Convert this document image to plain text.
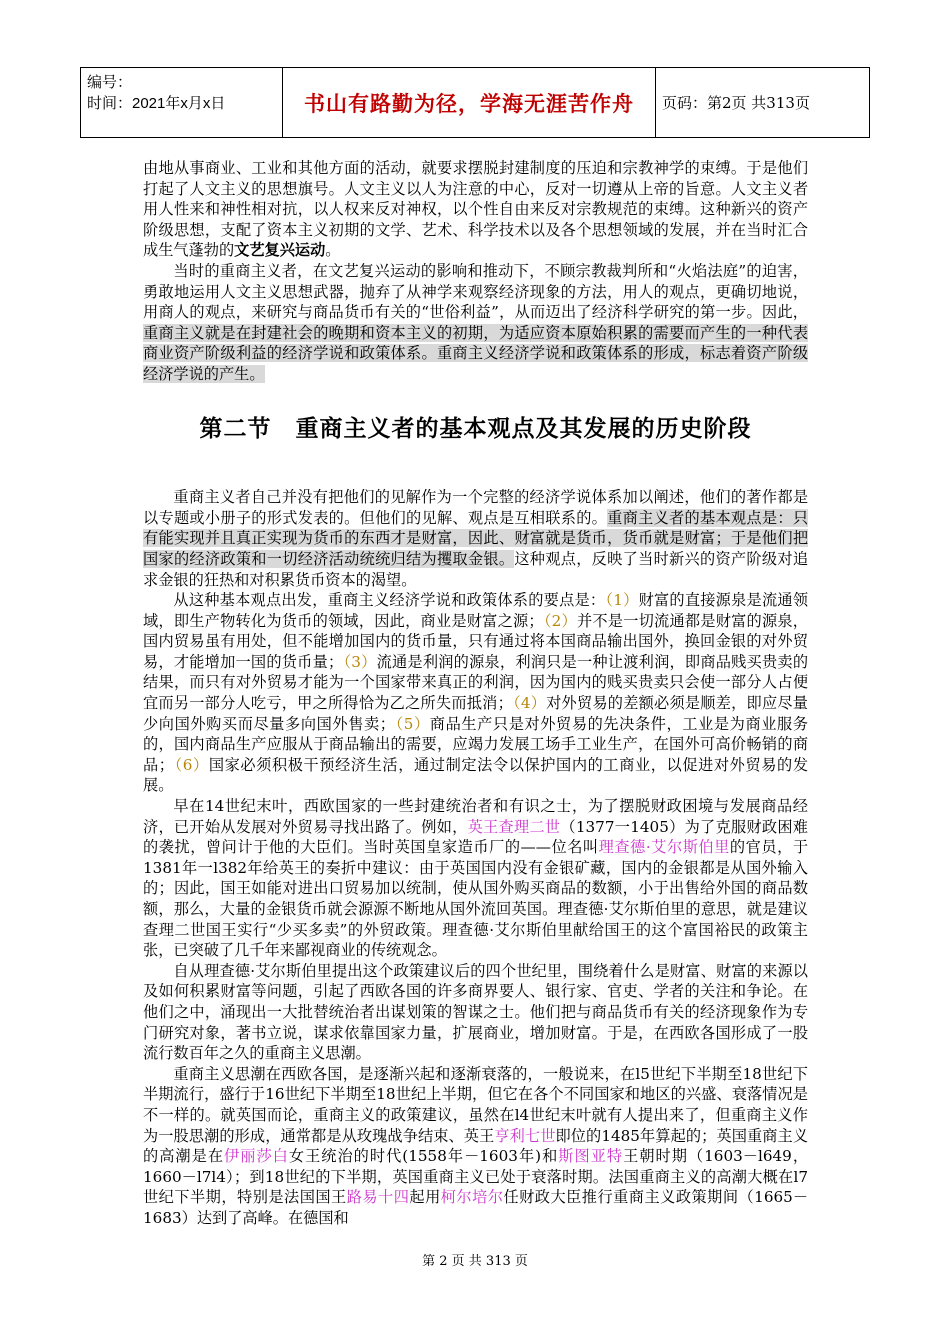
编号：
时间：2021年x月x日	书山有路勤为径，学海无涯苦作舟	页码：第2页 共313页

由地从事商业、工业和其他方面的活动，就要求摆脱封建制度的压迫和宗教神学的束缚。于是他们打起了人文主义的思想旗号。人文主义以人为注意的中心，反对一切遵从上帝的旨意。人文主义者用人性来和神性相对抗，以人权来反对神权，以个性自由来反对宗教规范的束缚。这种新兴的资产阶级思想，支配了资本主义初期的文学、艺术、科学技术以及各个思想领域的发展，并在当时汇合成生气蓬勃的文艺复兴运动。

当时的重商主义者，在文艺复兴运动的影响和推动下，不顾宗教裁判所和“火焰法庭”的迫害，勇敢地运用人文主义思想武器，抛弃了从神学来观察经济现象的方法，用人的观点，更确切地说，用商人的观点，来研究与商品货币有关的“世俗利益”，从而迈出了经济科学研究的第一步。因此，重商主义就是在封建社会的晚期和资本主义的初期，为适应资本原始积累的需要而产生的一种代表商业资产阶级利益的经济学说和政策体系。重商主义经济学说和政策体系的形成，标志着资产阶级经济学说的产生。

第二节　重商主义者的基本观点及其发展的历史阶段

重商主义者自己并没有把他们的见解作为一个完整的经济学说体系加以阐述，他们的著作都是以专题或小册子的形式发表的。但他们的见解、观点是互相联系的。重商主义者的基本观点是：只有能实现并且真正实现为货币的东西才是财富，因此、财富就是货币，货币就是财富；于是他们把国家的经济政策和一切经济活动统统归结为攫取金银。这种观点，反映了当时新兴的资产阶级对追求金银的狂热和对积累货币资本的渴望。

从这种基本观点出发，重商主义经济学说和政策体系的要点是：（1）财富的直接源泉是流通领域，即生产物转化为货币的领域，因此，商业是财富之源；（2）并不是一切流通都是财富的源泉，国内贸易虽有用处，但不能增加国内的货币量，只有通过将本国商品输出国外，换回金银的对外贸易，才能增加一国的货币量；（3）流通是利润的源泉，利润只是一种让渡利润，即商品贱买贵卖的结果，而只有对外贸易才能为一个国家带来真正的利润，因为国内的贱买贵卖只会使一部分人占便宜而另一部分人吃亏，甲之所得恰为乙之所失而抵消；（4）对外贸易的差额必须是顺差，即应尽量少向国外购买而尽量多向国外售卖；（5）商品生产只是对外贸易的先决条件，工业是为商业服务的，国内商品生产应服从于商品输出的需要，应竭力发展工场手工业生产，在国外可高价畅销的商品；（6）国家必须积极干预经济生活，通过制定法令以保护国内的工商业，以促进对外贸易的发展。

早在14世纪末叶，西欧国家的一些封建统治者和有识之士，为了摆脱财政困境与发展商品经济，已开始从发展对外贸易寻找出路了。例如，英王查理二世（1377一1405）为了克服财政困难的袭扰，曾问计于他的大臣们。当时英国皇家造币厂的——位名叫理查德·艾尔斯伯里的官员，于1381年一l382年给英王的奏折中建议：由于英国国内没有金银矿藏，国内的金银都是从国外输入的；因此，国王如能对进出口贸易加以统制，使从国外购买商品的数额，小于出售给外国的商品数额，那么，大量的金银货币就会源源不断地从国外流回英国。理查德·艾尔斯伯里的意思，就是建议查理二世国王实行“少买多卖”的外贸政策。理查德·艾尔斯伯里献给国王的这个富国裕民的政策主张，已突破了几千年来鄙视商业的传统观念。

自从理查德·艾尔斯伯里提出这个政策建议后的四个世纪里，围绕着什么是财富、财富的来源以及如何积累财富等问题，引起了西欧各国的许多商界要人、银行家、官吏、学者的关注和争论。在他们之中，涌现出一大批替统治者出谋划策的智谋之士。他们把与商品货币有关的经济现象作为专门研究对象，著书立说，谋求依靠国家力量，扩展商业，增加财富。于是，在西欧各国形成了一股流行数百年之久的重商主义思潮。

重商主义思潮在西欧各国，是逐渐兴起和逐渐衰落的，一般说来，在l5世纪下半期至18世纪下半期流行，盛行于16世纪下半期至18世纪上半期，但它在各个不同国家和地区的兴盛、衰落情况是不一样的。就英国而论，重商主义的政策建议，虽然在l4世纪末叶就有人提出来了，但重商主义作为一股思潮的形成，通常都是从玫瑰战争结束、英王亨利七世即位的1485年算起的；英国重商主义的高潮是在伊丽莎白女王统治的时代(1558年－1603年)和斯图亚特王朝时期（1603－l649，1660－l7l4）；到18世纪的下半期，英国重商主义已处于衰落时期。法国重商主义的高潮大概在l7世纪下半期，特别是法国国王路易十四起用柯尔培尔任财政大臣推行重商主义政策期间（1665－1683）达到了高峰。在德国和

第 2 页 共 313 页
